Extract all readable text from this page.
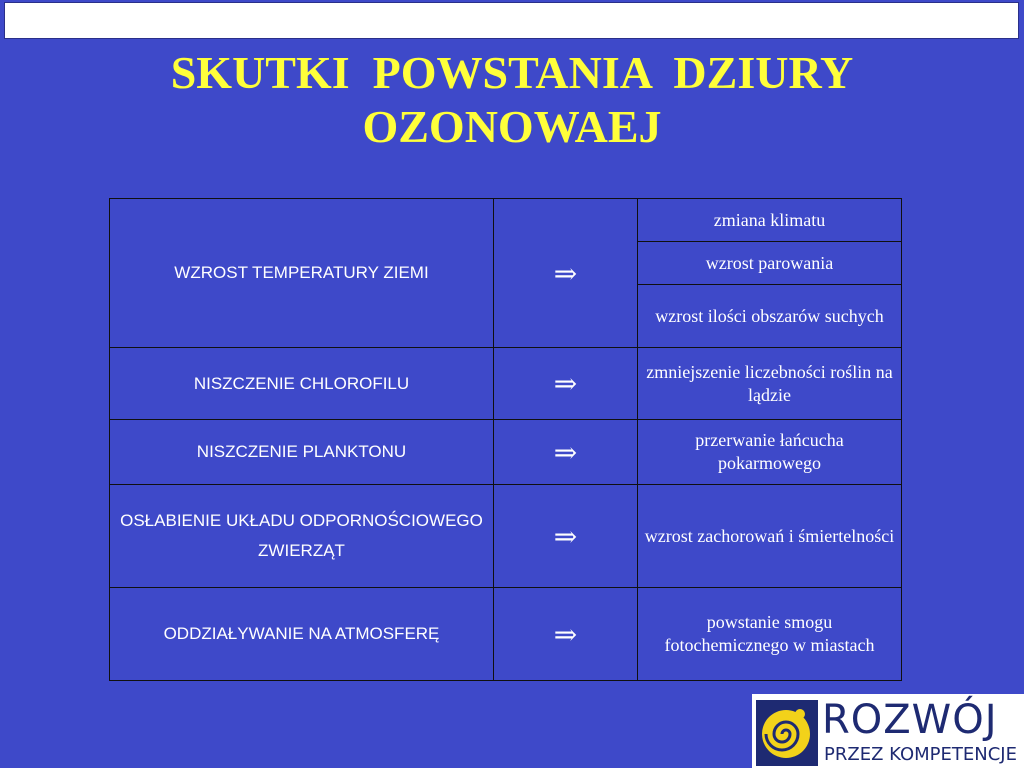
SKUTKI  POWSTANIA  DZIURY
OZONOWAEJ
WZROST TEMPERATURY ZIEMI	⇒	zmiana klimatu
		wzrost parowania
		wzrost ilości obszarów suchych
NISZCZENIE CHLOROFILU	⇒	zmniejszenie liczebności roślin na lądzie
NISZCZENIE PLANKTONU	⇒	przerwanie łańcucha pokarmowego
OSŁABIENIE UKŁADU ODPORNOŚCIOWEGO ZWIERZĄT	⇒	wzrost zachorowań i śmiertelności
ODDZIAŁYWANIE NA ATMOSFERĘ	⇒	powstanie smogu fotochemicznego w miastach
ROZWÓJ
PRZEZ KOMPETENCJE
